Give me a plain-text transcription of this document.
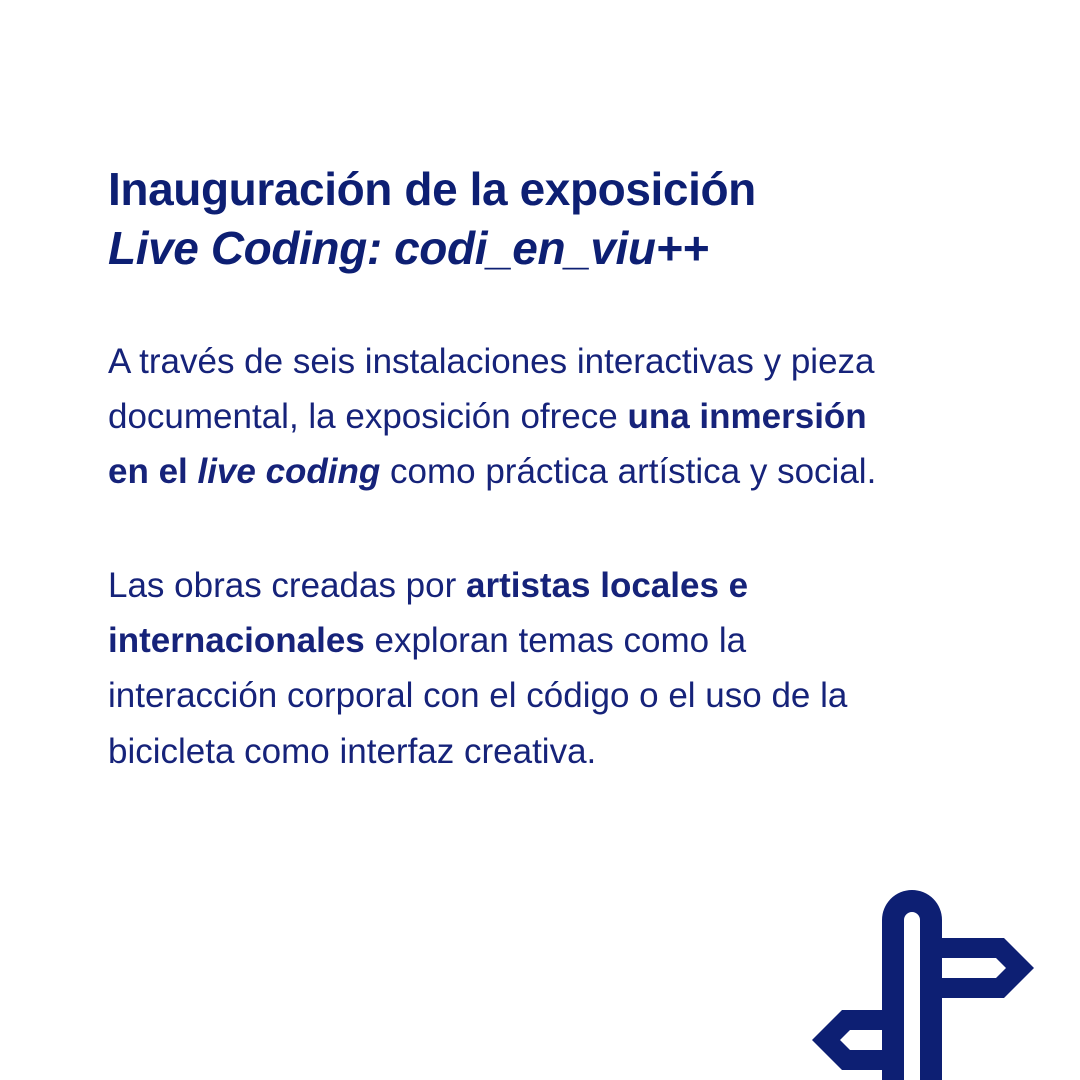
Inauguración de la exposición
Live Coding: codi_en_viu++

A través de seis instalaciones interactivas y pieza documental, la exposición ofrece una inmersión en el live coding como práctica artística y social.

Las obras creadas por artistas locales e internacionales exploran temas como la interacción corporal con el código o el uso de la bicicleta como interfaz creativa.
